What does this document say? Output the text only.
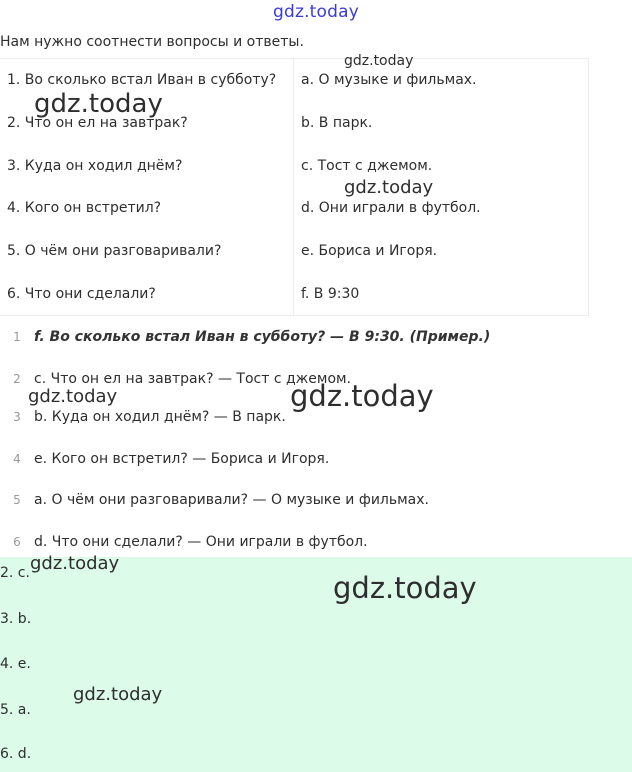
gdz.today
Нам нужно соотнести вопросы и ответы.
1. Во сколько встал Иван в субботу?	a. О музыке и фильмах.
2. Что он ел на завтрак?	b. В парк.
3. Куда он ходил днём?	c. Тост с джемом.
4. Кого он встретил?	d. Они играли в футбол.
5. О чём они разговаривали?	e. Бориса и Игоря.
6. Что они сделали?	f. В 9:30
1 f. Во сколько встал Иван в субботу? — В 9:30. (Пример.)
2 c. Что он ел на завтрак? — Тост с джемом.
3 b. Куда он ходил днём? — В парк.
4 e. Кого он встретил? — Бориса и Игоря.
5 a. О чём они разговаривали? — О музыке и фильмах.
6 d. Что они сделали? — Они играли в футбол.
2. c.
3. b.
4. e.
5. a.
6. d.
gdz.today
gdz.today
gdz.today
gdz.today	gdz.today
gdz.today
gdz.today
gdz.today
